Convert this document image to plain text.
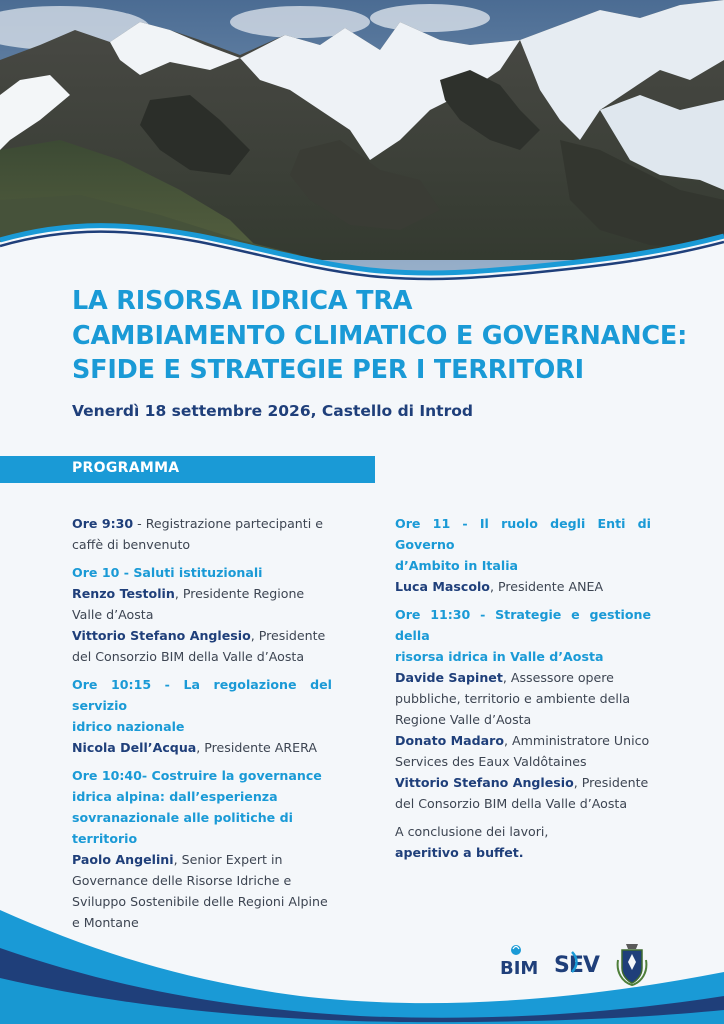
LA RISORSA IDRICA TRA
CAMBIAMENTO CLIMATICO E GOVERNANCE:
SFIDE E STRATEGIE PER I TERRITORI

Venerdì 18 settembre 2026, Castello di Introd

PROGRAMMA

Ore 9:30 - Registrazione partecipanti e

caffè di benvenuto

Ore 10 - Saluti istituzionali

Renzo Testolin, Presidente Regione

Valle d’Aosta

Vittorio Stefano Anglesio, Presidente

del Consorzio BIM della Valle d’Aosta

Ore 10:15 - La regolazione del servizio

idrico nazionale

Nicola Dell’Acqua, Presidente ARERA

Ore 10:40- Costruire la governance

idrica alpina: dall’esperienza

sovranazionale alle politiche di

territorio

Paolo Angelini, Senior Expert in

Governance delle Risorse Idriche e

Sviluppo Sostenibile delle Regioni Alpine

e Montane

Ore 11 - Il ruolo degli Enti di Governo

d’Ambito in Italia

Luca Mascolo, Presidente ANEA

Ore 11:30 - Strategie e gestione della

risorsa idrica in Valle d’Aosta

Davide Sapinet, Assessore opere

pubbliche, territorio e ambiente della

Regione Valle d’Aosta

Donato Madaro, Amministratore Unico

Services des Eaux Valdôtaines

Vittorio Stefano Anglesio, Presidente

del Consorzio BIM della Valle d’Aosta

A conclusione dei lavori,

aperitivo a buffet.

BIM SEV
